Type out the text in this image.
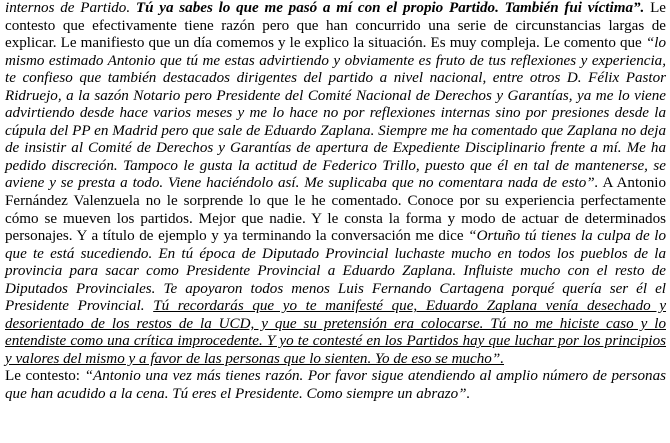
internos de Partido. Tú ya sabes lo que me pasó a mí con el propio Partido. También fui víctima”. Le contesto que efectivamente tiene razón pero que han concurrido una serie de circunstancias largas de explicar. Le manifiesto que un día comemos y le explico la situación. Es muy compleja. Le comento que “lo mismo estimado Antonio que tú me estas advirtiendo y obviamente es fruto de tus reflexiones y experiencia, te confieso que también destacados dirigentes del partido a nivel nacional, entre otros D. Félix Pastor Ridruejo, a la sazón Notario pero Presidente del Comité Nacional de Derechos y Garantías, ya me lo viene advirtiendo desde hace varios meses y me lo hace no por reflexiones internas sino por presiones desde la cúpula del PP en Madrid pero que sale de Eduardo Zaplana. Siempre me ha comentado que Zaplana no deja de insistir al Comité de Derechos y Garantías de apertura de Expediente Disciplinario frente a mí. Me ha pedido discreción. Tampoco le gusta la actitud de Federico Trillo, puesto que él en tal de mantenerse, se aviene y se presta a todo. Viene haciéndolo así. Me suplicaba que no comentara nada de esto”. A Antonio Fernández Valenzuela no le sorprende lo que le he comentado. Conoce por su experiencia perfectamente cómo se mueven los partidos. Mejor que nadie. Y le consta la forma y modo de actuar de determinados personajes. Y a título de ejemplo y ya terminando la conversación me dice “Ortuño tú tienes la culpa de lo que te está sucediendo. En tú época de Diputado Provincial luchaste mucho en todos los pueblos de la provincia para sacar como Presidente Provincial a Eduardo Zaplana. Influiste mucho con el resto de Diputados Provinciales. Te apoyaron todos menos Luis Fernando Cartagena porqué quería ser él el Presidente Provincial. Tú recordarás que yo te manifesté que, Eduardo Zaplana venía desechado y desorientado de los restos de la UCD, y que su pretensión era colocarse. Tú no me hiciste caso y lo entendiste como una crítica improcedente. Y yo te contesté en los Partidos hay que luchar por los principios y valores del mismo y a favor de las personas que lo sienten. Yo de eso se mucho”.

Le contesto: “Antonio una vez más tienes razón. Por favor sigue atendiendo al amplio número de personas que han acudido a la cena. Tú eres el Presidente. Como siempre un abrazo”.
